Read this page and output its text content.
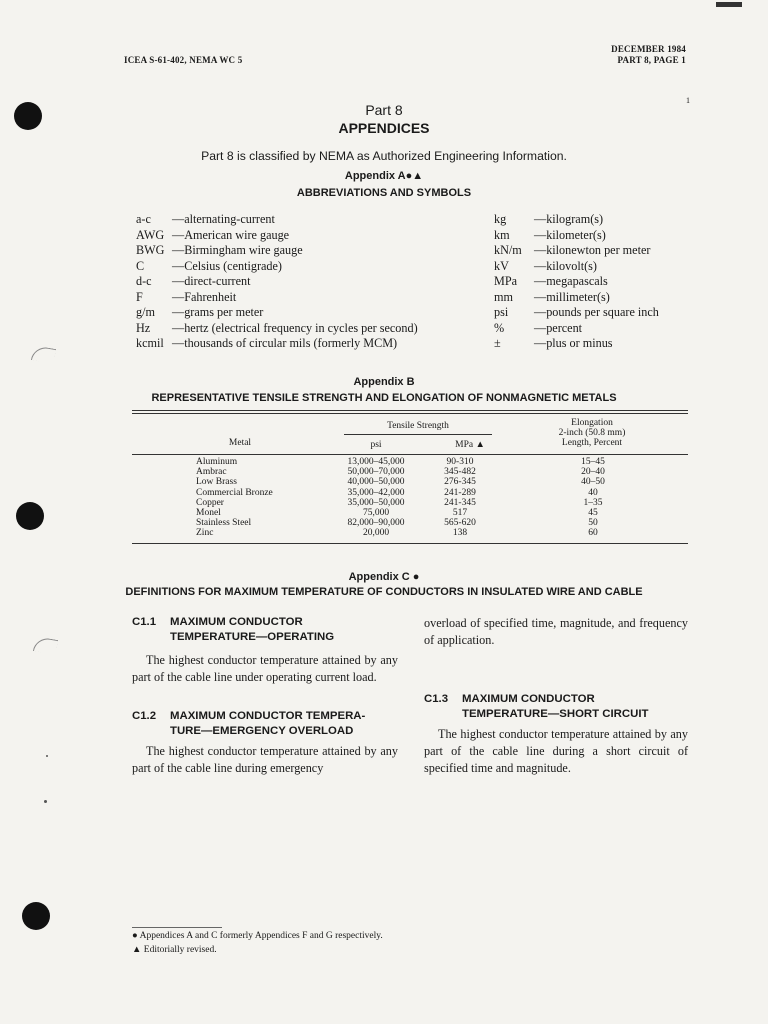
ICEA S-61-402, NEMA WC 5
DECEMBER 1984
PART 8, PAGE 1
1
Part 8
APPENDICES
Part 8 is classified by NEMA as Authorized Engineering Information.
Appendix A●▲
ABBREVIATIONS AND SYMBOLS
a-c —alternating-current
AWG —American wire gauge
BWG —Birmingham wire gauge
C —Celsius (centigrade)
d-c —direct-current
F —Fahrenheit
g/m —grams per meter
Hz —hertz (electrical frequency in cycles per second)
kcmil —thousands of circular mils (formerly MCM)
kg —kilogram(s)
km —kilometer(s)
kN/m —kilonewton per meter
kV —kilovolt(s)
MPa —megapascals
mm —millimeter(s)
psi —pounds per square inch
% —percent
±	—plus or minus
Appendix B
REPRESENTATIVE TENSILE STRENGTH AND ELONGATION OF NONMAGNETIC METALS
Tensile Strength
Metal	psi	MPa ▲
Elongation
2-inch (50.8 mm)
Length, Percent
Aluminum	13,000–45,000	90-310	15–45
Ambrac	50,000–70,000	345-482	20–40
Low Brass	40,000–50,000	276-345	40–50
Commercial Bronze	35,000–42,000	241-289	40
Copper	35,000–50,000	241-345	1–35
Monel	75,000	517	45
Stainless Steel	82,000–90,000	565-620	50
Zinc	20,000	138	60
Appendix C ●
DEFINITIONS FOR MAXIMUM TEMPERATURE OF CONDUCTORS IN INSULATED WIRE AND CABLE
C1.1 MAXIMUM CONDUCTOR
TEMPERATURE—OPERATING
The highest conductor temperature attained by any part of the cable line under operating current load.
C1.2 MAXIMUM CONDUCTOR TEMPERA-
TURE—EMERGENCY OVERLOAD
The highest conductor temperature attained by any part of the cable line during emergency
overload of specified time, magnitude, and frequency of application.
C1.3 MAXIMUM CONDUCTOR
TEMPERATURE—SHORT CIRCUIT
The highest conductor temperature attained by any part of the cable line during a short circuit of specified time and magnitude.
● Appendices A and C formerly Appendices F and G respectively.
▲ Editorially revised.
